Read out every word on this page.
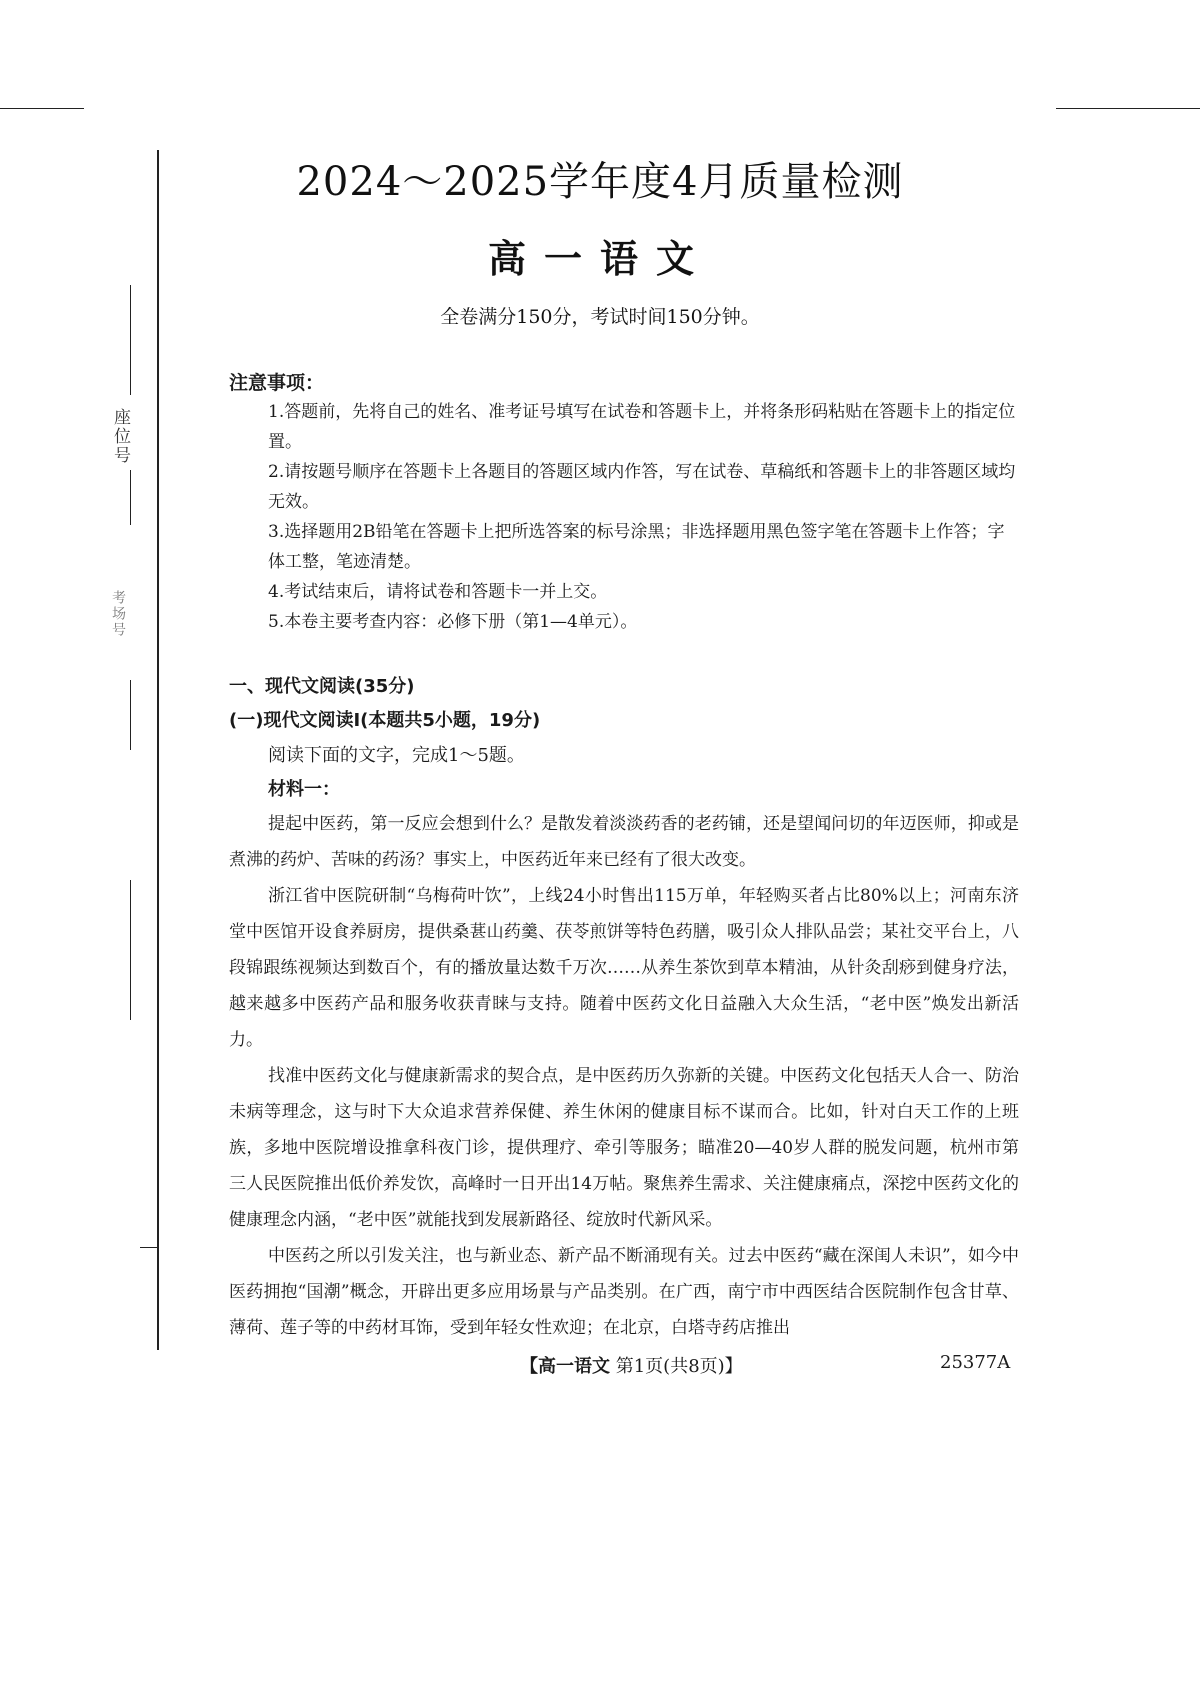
座位号
考场号
2024～2025学年度4月质量检测
高一语文
全卷满分150分，考试时间150分钟。
注意事项：
1.答题前，先将自己的姓名、准考证号填写在试卷和答题卡上，并将条形码粘贴在答题卡上的指定位置。
2.请按题号顺序在答题卡上各题目的答题区域内作答，写在试卷、草稿纸和答题卡上的非答题区域均无效。
3.选择题用2B铅笔在答题卡上把所选答案的标号涂黑；非选择题用黑色签字笔在答题卡上作答；字体工整，笔迹清楚。
4.考试结束后，请将试卷和答题卡一并上交。
5.本卷主要考查内容：必修下册（第1—4单元）。
一、现代文阅读(35分)
(一)现代文阅读Ⅰ(本题共5小题，19分)
阅读下面的文字，完成1～5题。
材料一：

提起中医药，第一反应会想到什么？是散发着淡淡药香的老药铺，还是望闻问切的年迈医师，抑或是煮沸的药炉、苦味的药汤？事实上，中医药近年来已经有了很大改变。

浙江省中医院研制“乌梅荷叶饮”，上线24小时售出115万单，年轻购买者占比80%以上；河南东济堂中医馆开设食养厨房，提供桑葚山药羹、茯苓煎饼等特色药膳，吸引众人排队品尝；某社交平台上，八段锦跟练视频达到数百个，有的播放量达数千万次……从养生茶饮到草本精油，从针灸刮痧到健身疗法，越来越多中医药产品和服务收获青睐与支持。随着中医药文化日益融入大众生活，“老中医”焕发出新活力。

找准中医药文化与健康新需求的契合点，是中医药历久弥新的关键。中医药文化包括天人合一、防治未病等理念，这与时下大众追求营养保健、养生休闲的健康目标不谋而合。比如，针对白天工作的上班族，多地中医院增设推拿科夜门诊，提供理疗、牵引等服务；瞄准20—40岁人群的脱发问题，杭州市第三人民医院推出低价养发饮，高峰时一日开出14万帖。聚焦养生需求、关注健康痛点，深挖中医药文化的健康理念内涵，“老中医”就能找到发展新路径、绽放时代新风采。

中医药之所以引发关注，也与新业态、新产品不断涌现有关。过去中医药“藏在深闺人未识”，如今中医药拥抱“国潮”概念，开辟出更多应用场景与产品类别。在广西，南宁市中西医结合医院制作包含甘草、薄荷、莲子等的中药材耳饰，受到年轻女性欢迎；在北京，白塔寺药店推出

【高一语文 第1页(共8页)】	25377A
